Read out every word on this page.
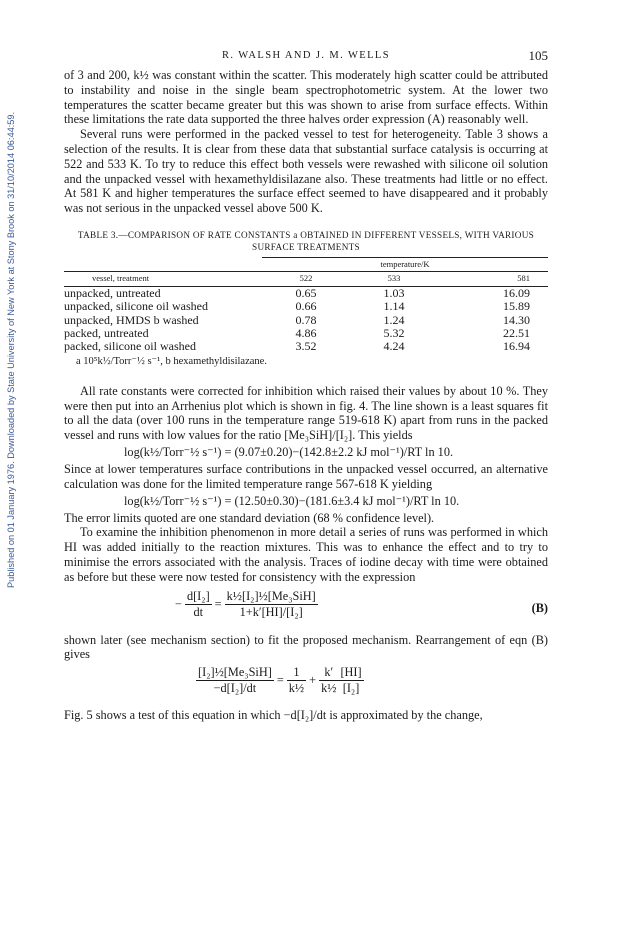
Published on 01 January 1976. Downloaded by State University of New York at Stony Brook on 31/10/2014 06:44:59.
R. WALSH AND J. M. WELLS	105

of 3 and 200, k½ was constant within the scatter. This moderately high scatter could be attributed to instability and noise in the single beam spectrophotometric system. At the lower two temperatures the scatter became greater but this was shown to arise from surface effects. Within these limitations the rate data supported the three halves order expression (A) reasonably well.

Several runs were performed in the packed vessel to test for heterogeneity. Table 3 shows a selection of the results. It is clear from these data that substantial surface catalysis is occurring at 522 and 533 K. To try to reduce this effect both vessels were rewashed with silicone oil solution and the unpacked vessel with hexamethyldisilazane also. These treatments had little or no effect. At 581 K and higher temperatures the surface effect seemed to have disappeared and it probably was not serious in the unpacked vessel above 500 K.

TABLE 3.—COMPARISON OF RATE CONSTANTS a OBTAINED IN DIFFERENT VESSELS, WITH VARIOUS
SURFACE TREATMENTS
	temperature/K		
vessel, treatment	522	533	581
unpacked, untreated	0.65	1.03	16.09
unpacked, silicone oil washed	0.66	1.14	15.89
unpacked, HMDS b washed	0.78	1.24	14.30
packed, untreated	4.86	5.32	22.51
packed, silicone oil washed	3.52	4.24	16.94
a 10⁵k½/Torr⁻½ s⁻¹, b hexamethyldisilazane.

All rate constants were corrected for inhibition which raised their values by about 10 %. They were then put into an Arrhenius plot which is shown in fig. 4. The line shown is a least squares fit to all the data (over 100 runs in the temperature range 519-618 K) apart from runs in the packed vessel and runs with low values for the ratio [Me₃SiH]/[I₂]. This yields

log(k½/Torr⁻½ s⁻¹) = (9.07±0.20)−(142.8±2.2 kJ mol⁻¹)/RT ln 10.

Since at lower temperatures surface contributions in the unpacked vessel occurred, an alternative calculation was done for the limited temperature range 567-618 K yielding

log(k½/Torr⁻½ s⁻¹) = (12.50±0.30)−(181.6±3.4 kJ mol⁻¹)/RT ln 10.

The error limits quoted are one standard deviation (68 % confidence level).

To examine the inhibition phenomenon in more detail a series of runs was performed in which HI was added initially to the reaction mixtures. This was to enhance the effect and to try to minimise the errors associated with the analysis. Traces of iodine decay with time were obtained as before but these were now tested for consistency with the expression

− $\frac{\text{d[I₂]}}{dt} = \frac{\text{k½[I₂]½[Me₃SiH]}}{\text{1+k′[HI]/[I₂]}}$	(B)

shown later (see mechanism section) to fit the proposed mechanism. Rearrangement of eqn (B) gives

$\frac{\text{[I₂]½[Me₃SiH]}}{\text{−d[I₂]/dt}} = \frac{1}{\text{k½}} + \frac{k'}{\text{k½}} \frac{[HI]}{\text{[I₂]}}$

Fig. 5 shows a test of this equation in which −d[I₂]/dt is approximated by the change,
